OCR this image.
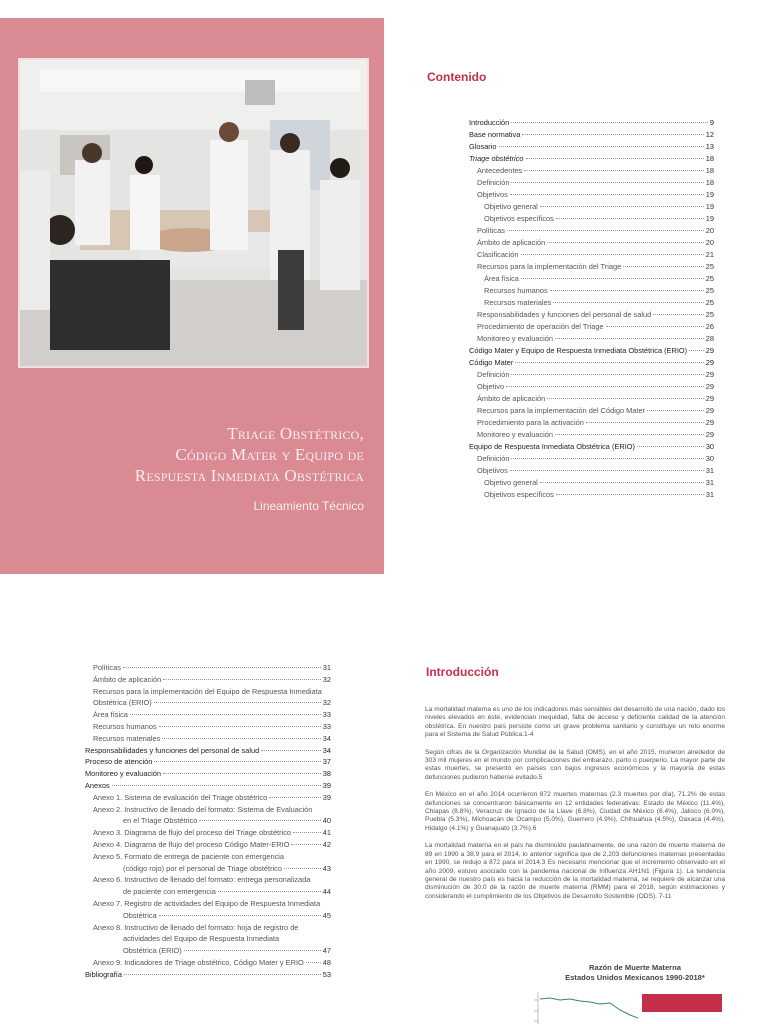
Triage Obstétrico,
Código Mater y Equipo de
Respuesta Inmediata Obstétrica
Lineamiento Técnico
Contenido
Introducción	9
Base normativa	12
Glosario	13
Triage obstétrico	18
Antecedentes	18
Definición	18
Objetivos	19
Objetivo general	19
Objetivos específicos	19
Políticas	20
Ámbito de aplicación	20
Clasificación	21
Recursos para la implementación del Triage	25
Área física	25
Recursos humanos	25
Recursos materiales	25
Responsabilidades y funciones del personal de salud	25
Procedimiento de operación del Triage	26
Monitoreo y evaluación	28
Código Mater y Equipo de Respuesta Inmediata Obstétrica (ERIO)	29
Código Mater	29
Definición	29
Objetivo	29
Ámbito de aplicación	29
Recursos para la implementación del Código Mater	29
Procedimiento para la activación	29
Monitoreo y evaluación	29
Equipo de Respuesta Inmediata Obstétrica (ERIO)	30
Definición	30
Objetivos	31
Objetivo general	31
Objetivos específicos	31
Políticas	31
Ámbito de aplicación	32
Recursos para la implementación del Equipo de Respuesta Inmediata
Obstétrica (ERIO)	32
Área física	33
Recursos humanos	33
Recursos materiales	34
Responsabilidades y funciones del personal de salud	34
Proceso de atención	37
Monitoreo y evaluación	38
Anexos	39
Anexo 1. Sistema de evaluación del Triage obstétrico	39
Anexo 2. Instructivo de llenado del formato: Sistema de Evaluación
en el Triage Obstétrico	40
Anexo 3. Diagrama de flujo del proceso del Triage obstétrico	41
Anexo 4. Diagrama de flujo del proceso Código Mater-ERIO	42
Anexo 5. Formato de entrega de paciente con emergencia
(código rojo) por el personal de Triage obstétrico	43
Anexo 6. Instructivo de llenado del formato: entrega personalizada
de paciente con emergencia	44
Anexo 7. Registro de actividades del Equipo de Respuesta Inmediata
Obstétrica	45
Anexo 8. Instructivo de llenado del formato: hoja de registro de
actividades del Equipo de Respuesta Inmediata
Obstétrica (ERIO)	47
Anexo 9. Indicadores de Triage obstétrico, Código Mater y ERIO	48
Bibliografía	53
Introducción

La mortalidad materna es uno de los indicadores más sensibles del desarrollo de una nación, dado los niveles elevados en éste, evidencian inequidad, falta de acceso y deficiente calidad de la atención obstétrica. En nuestro país persiste como un grave problema sanitario y constituye un reto enorme para el Sistema de Salud Pública.1-4

Según cifras de la Organización Mundial de la Salud (OMS), en el año 2015, murieron alrededor de 303 mil mujeres en el mundo por complicaciones del embarazo, parto o puerperio. La mayor parte de estas muertes, se presentó en países con bajos ingresos económicos y la mayoría de estas defunciones pudieron haberse evitado.5

En México en el año 2014 ocurrieron 872 muertes maternas (2.3 muertes por día), 71.2% de estas defunciones se concentraron básicamente en 12 entidades federativas: Estado de México (11.4%), Chiapas (8.8%), Veracruz de Ignacio de la Llave (6.8%), Ciudad de México (6.4%), Jalisco (6.0%), Puebla (5.3%), Michoacán de Ocampo (5.0%), Guerrero (4.9%), Chihuahua (4.5%), Oaxaca (4.4%), Hidalgo (4.1%) y Guanajuato (3.7%).6

La mortalidad materna en el país ha disminuido paulatinamente, de una razón de muerte materna de 89 en 1990 a 38.9 para el 2014, lo anterior significa que de 2,203 defunciones maternas presentadas en 1990, se redujo a 872 para el 2014.3 Es necesario mencionar que el incremento observado en el año 2009, estuvo asociado con la pandemia nacional de Influenza AH1N1 (Figura 1). La tendencia general de nuestro país es hacia la reducción de la mortalidad materna, se requiere de alcanzar una disminución de 30.0 de la razón de muerte materna (RMM) para el 2018, según estimaciones y considerando el cumplimiento de los Objetivos de Desarrollo Sostenible (ODS). 7-11

Razón de Muerte Materna
Estados Unidos Mexicanos 1990-2018*
